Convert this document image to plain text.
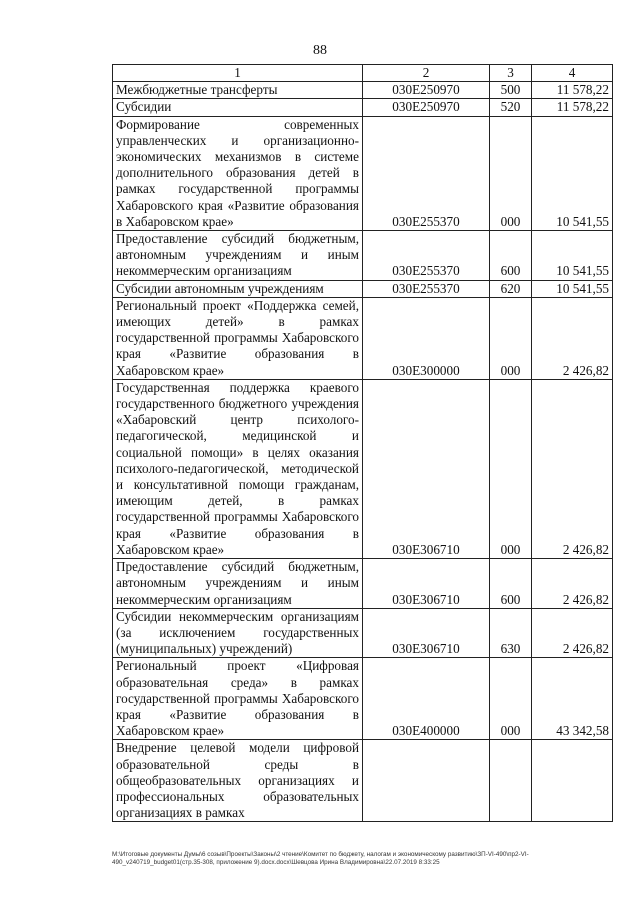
88
1	2	3	4
Межбюджетные трансферты	030E250970	500	11 578,22
Субсидии	030E250970	520	11 578,22
Формирование современных управленческих и организационно-экономических механизмов в системе дополнительного образования детей в рамках государственной программы Хабаровского края «Развитие образования в Хабаровском крае»	030E255370	000	10 541,55
Предоставление субсидий бюджетным, автономным учреждениям и иным некоммерческим организациям	030E255370	600	10 541,55
Субсидии автономным учреждениям	030E255370	620	10 541,55
Региональный проект «Поддержка семей, имеющих детей» в рамках государственной программы Хабаровского края «Развитие образования в Хабаровском крае»	030E300000	000	2 426,82
Государственная поддержка краевого государственного бюджетного учреждения «Хабаровский центр психолого-педагогической, медицинской и социальной помощи» в целях оказания психолого-педагогической, методической и консультативной помощи гражданам, имеющим детей, в рамках государственной программы Хабаровского края «Развитие образования в Хабаровском крае»	030E306710	000	2 426,82
Предоставление субсидий бюджетным, автономным учреждениям и иным некоммерческим организациям	030E306710	600	2 426,82
Субсидии некоммерческим организациям (за исключением государственных (муниципальных) учреждений)	030E306710	630	2 426,82
Региональный проект «Цифровая образовательная среда» в рамках государственной программы Хабаровского края «Развитие образования в Хабаровском крае»	030E400000	000	43 342,58
Внедрение целевой модели цифровой образовательной среды в общеобразовательных организациях и профессиональных образовательных организациях в рамках			
M:\Итоговые документы Думы\6 созыв\Проекты\Законы\2 чтение\Комитет по бюджету, налогам и экономическому развитию\ЗП-VI-490\пр2-VI-490_v240719_budget01(стр.35-308, приложение 9).docx.docx\Шевцова Ирина Владимировна\22.07.2019 8:33:25
